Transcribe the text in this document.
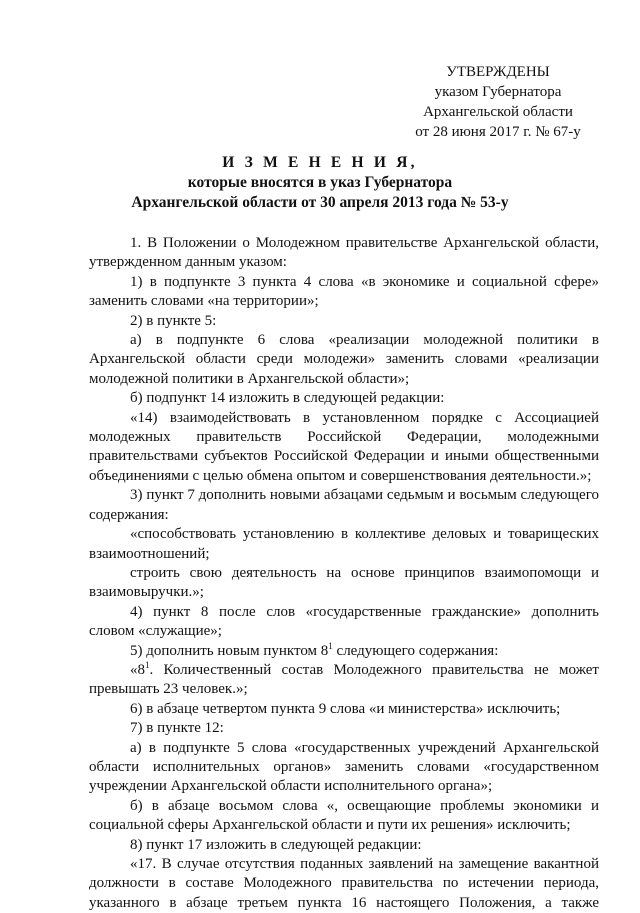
УТВЕРЖДЕНЫ
указом Губернатора
Архангельской области
от 28 июня 2017 г. № 67-у
И З М Е Н Е Н И Я,
которые вносятся в указ Губернатора
Архангельской области от 30 апреля 2013 года № 53-у

1. В Положении о Молодежном правительстве Архангельской области, утвержденном данным указом:

1) в подпункте 3 пункта 4 слова «в экономике и социальной сфере» заменить словами «на территории»;

2) в пункте 5:

а) в подпункте 6 слова «реализации молодежной политики в Архангельской области среди молодежи» заменить словами «реализации молодежной политики в Архангельской области»;

б) подпункт 14 изложить в следующей редакции:

«14) взаимодействовать в установленном порядке с Ассоциацией молодежных правительств Российской Федерации, молодежными правительствами субъектов Российской Федерации и иными общественными объединениями с целью обмена опытом и совершенствования деятельности.»;

3) пункт 7 дополнить новыми абзацами седьмым и восьмым следующего содержания:

«способствовать установлению в коллективе деловых и товарищеских взаимоотношений;

строить свою деятельность на основе принципов взаимопомощи и взаимовыручки.»;

4) пункт 8 после слов «государственные гражданские» дополнить словом «служащие»;

5) дополнить новым пунктом $8^1$ следующего содержания:

«$8^1$. Количественный состав Молодежного правительства не может превышать 23 человек.»;

6) в абзаце четвертом пункта 9 слова «и министерства» исключить;

7) в пункте 12:

а) в подпункте 5 слова «государственных учреждений Архангельской области исполнительных органов» заменить словами «государственном учреждении Архангельской области исполнительного органа»;

б) в абзаце восьмом слова «, освещающие проблемы экономики и социальной сферы Архангельской области и пути их решения» исключить;

8) пункт 17 изложить в следующей редакции:

«17. В случае отсутствия поданных заявлений на замещение вакантной должности в составе Молодежного правительства по истечении периода, указанного в абзаце третьем пункта 16 настоящего Положения, а также
